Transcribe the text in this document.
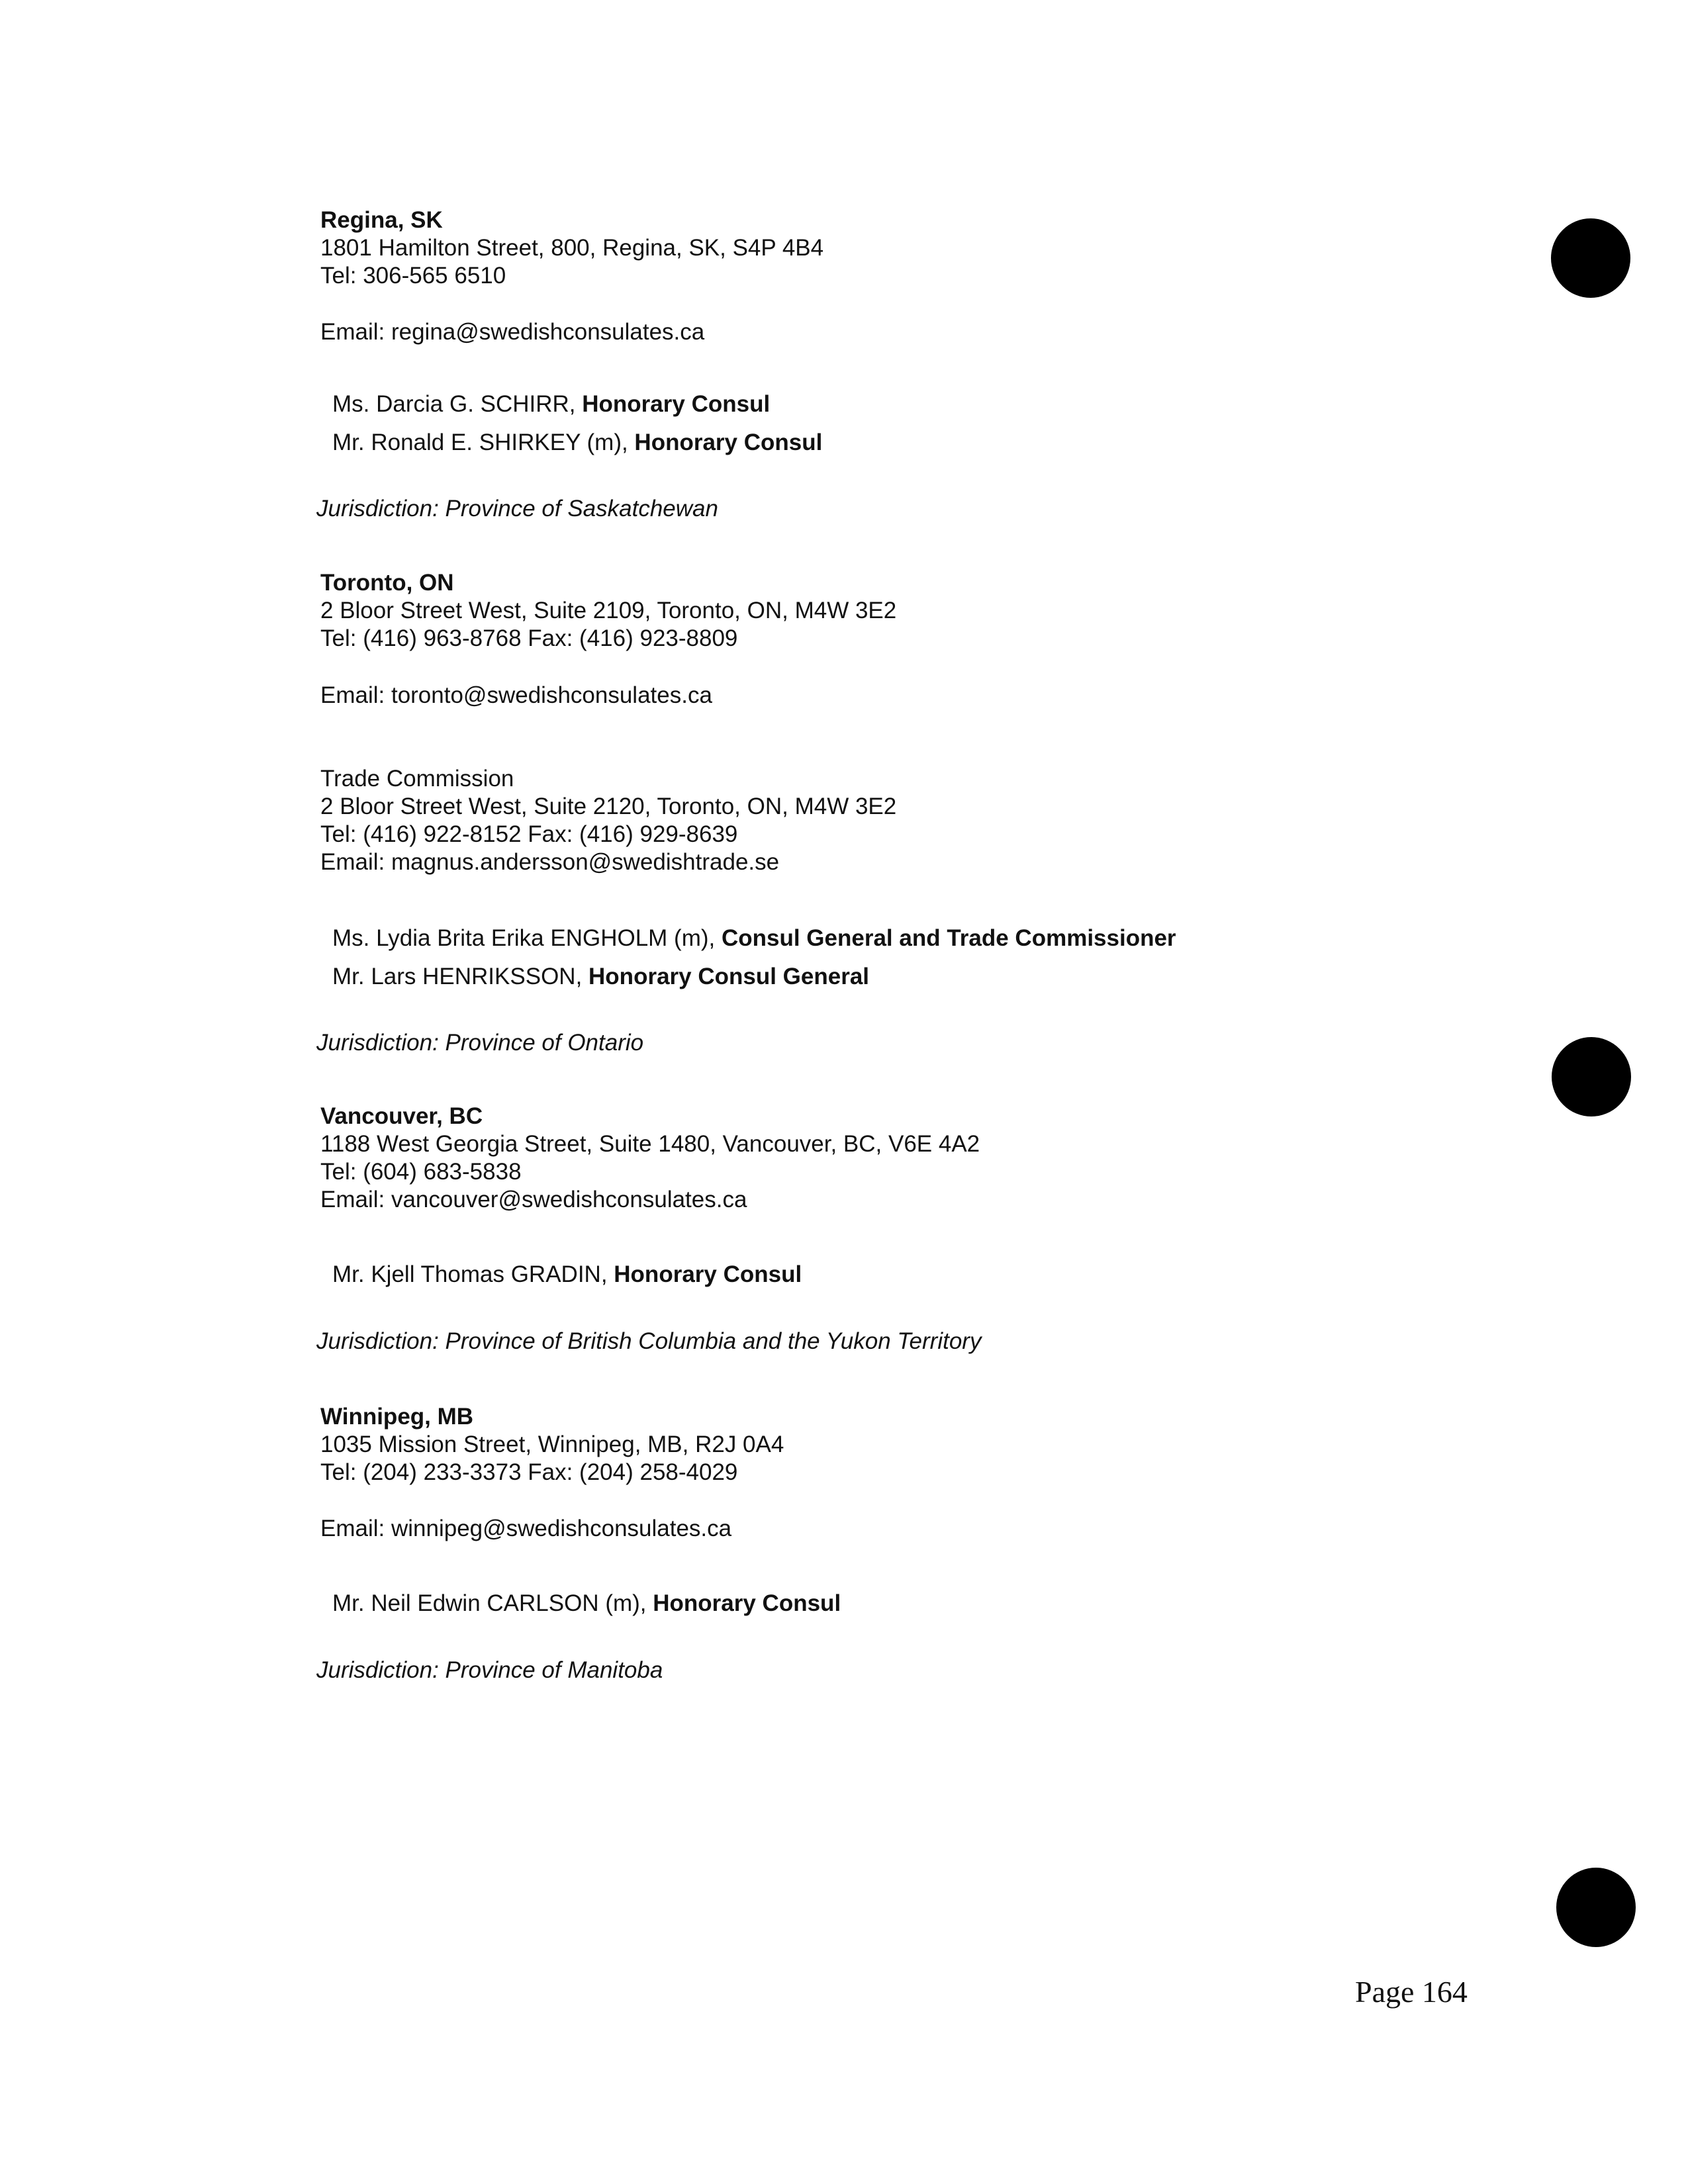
Regina, SK
1801 Hamilton Street, 800, Regina, SK, S4P 4B4
Tel: 306-565 6510
Email: regina@swedishconsulates.ca
Ms. Darcia G. SCHIRR, Honorary Consul
Mr. Ronald E. SHIRKEY (m), Honorary Consul
Jurisdiction: Province of Saskatchewan
Toronto, ON
2 Bloor Street West, Suite 2109, Toronto, ON, M4W 3E2
Tel: (416) 963-8768 Fax: (416) 923-8809
Email: toronto@swedishconsulates.ca
Trade Commission
2 Bloor Street West, Suite 2120, Toronto, ON, M4W 3E2
Tel: (416) 922-8152 Fax: (416) 929-8639
Email: magnus.andersson@swedishtrade.se
Ms. Lydia Brita Erika ENGHOLM (m), Consul General and Trade Commissioner
Mr. Lars HENRIKSSON, Honorary Consul General
Jurisdiction: Province of Ontario
Vancouver, BC
1188 West Georgia Street, Suite 1480, Vancouver, BC, V6E 4A2
Tel: (604) 683-5838
Email: vancouver@swedishconsulates.ca
Mr. Kjell Thomas GRADIN, Honorary Consul
Jurisdiction: Province of British Columbia and the Yukon Territory
Winnipeg, MB
1035 Mission Street, Winnipeg, MB, R2J 0A4
Tel: (204) 233-3373 Fax: (204) 258-4029
Email: winnipeg@swedishconsulates.ca
Mr. Neil Edwin CARLSON (m), Honorary Consul
Jurisdiction: Province of Manitoba
Page 164
